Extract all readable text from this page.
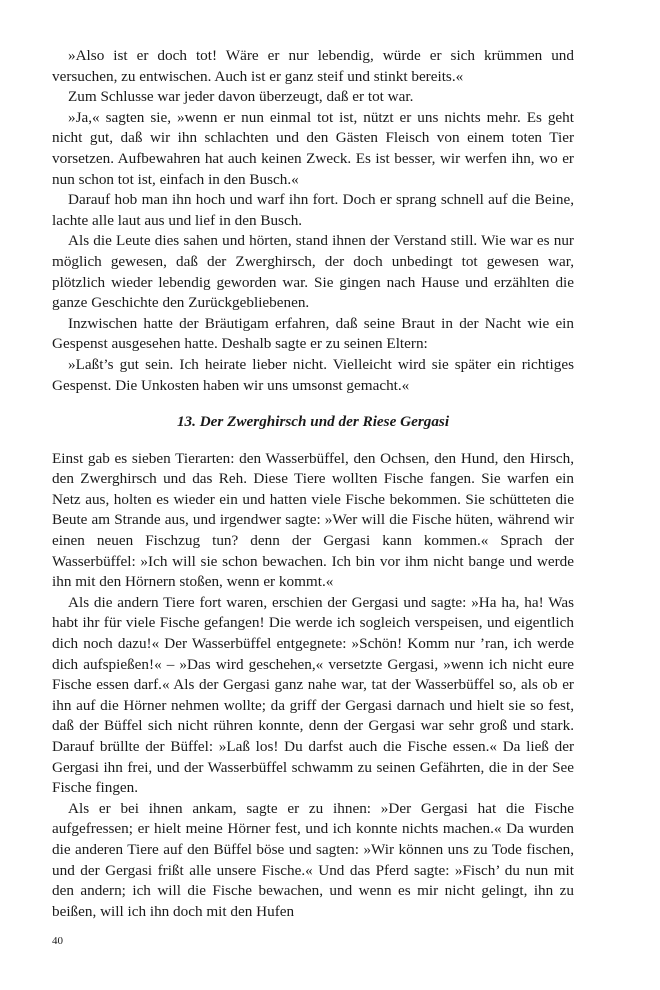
»Also ist er doch tot! Wäre er nur lebendig, würde er sich krümmen und versuchen, zu entwischen. Auch ist er ganz steif und stinkt bereits.«

Zum Schlusse war jeder davon überzeugt, daß er tot war.

»Ja,« sagten sie, »wenn er nun einmal tot ist, nützt er uns nichts mehr. Es geht nicht gut, daß wir ihn schlachten und den Gästen Fleisch von einem toten Tier vorsetzen. Aufbewahren hat auch keinen Zweck. Es ist besser, wir werfen ihn, wo er nun schon tot ist, einfach in den Busch.«

Darauf hob man ihn hoch und warf ihn fort. Doch er sprang schnell auf die Beine, lachte alle laut aus und lief in den Busch.

Als die Leute dies sahen und hörten, stand ihnen der Verstand still. Wie war es nur möglich gewesen, daß der Zwerghirsch, der doch unbedingt tot gewesen war, plötzlich wieder lebendig geworden war. Sie gingen nach Hause und erzählten die ganze Geschichte den Zurückgebliebenen.

Inzwischen hatte der Bräutigam erfahren, daß seine Braut in der Nacht wie ein Gespenst ausgesehen hatte. Deshalb sagte er zu seinen Eltern:

»Laßt’s gut sein. Ich heirate lieber nicht. Vielleicht wird sie später ein richtiges Gespenst. Die Unkosten haben wir uns umsonst gemacht.«

13. Der Zwerghirsch und der Riese Gergasi

Einst gab es sieben Tierarten: den Wasserbüffel, den Ochsen, den Hund, den Hirsch, den Zwerghirsch und das Reh. Diese Tiere wollten Fische fangen. Sie warfen ein Netz aus, holten es wieder ein und hatten viele Fische bekommen. Sie schütteten die Beute am Strande aus, und irgendwer sagte: »Wer will die Fische hüten, während wir einen neuen Fischzug tun? denn der Gergasi kann kommen.« Sprach der Wasserbüffel: »Ich will sie schon bewachen. Ich bin vor ihm nicht bange und werde ihn mit den Hörnern stoßen, wenn er kommt.«

Als die andern Tiere fort waren, erschien der Gergasi und sagte: »Ha ha, ha! Was habt ihr für viele Fische gefangen! Die werde ich sogleich verspeisen, und eigentlich dich noch dazu!« Der Wasserbüffel entgegnete: »Schön! Komm nur ’ran, ich werde dich aufspießen!« – »Das wird geschehen,« versetzte Gergasi, »wenn ich nicht eure Fische essen darf.« Als der Gergasi ganz nahe war, tat der Wasserbüffel so, als ob er ihn auf die Hörner nehmen wollte; da griff der Gergasi darnach und hielt sie so fest, daß der Büffel sich nicht rühren konnte, denn der Gergasi war sehr groß und stark. Darauf brüllte der Büffel: »Laß los! Du darfst auch die Fische essen.« Da ließ der Gergasi ihn frei, und der Wasserbüffel schwamm zu seinen Gefährten, die in der See Fische fingen.

Als er bei ihnen ankam, sagte er zu ihnen: »Der Gergasi hat die Fische aufgefressen; er hielt meine Hörner fest, und ich konnte nichts machen.« Da wurden die anderen Tiere auf den Büffel böse und sagten: »Wir können uns zu Tode fischen, und der Gergasi frißt alle unsere Fische.« Und das Pferd sagte: »Fisch’ du nun mit den andern; ich will die Fische bewachen, und wenn es mir nicht gelingt, ihn zu beißen, will ich ihn doch mit den Hufen

40
